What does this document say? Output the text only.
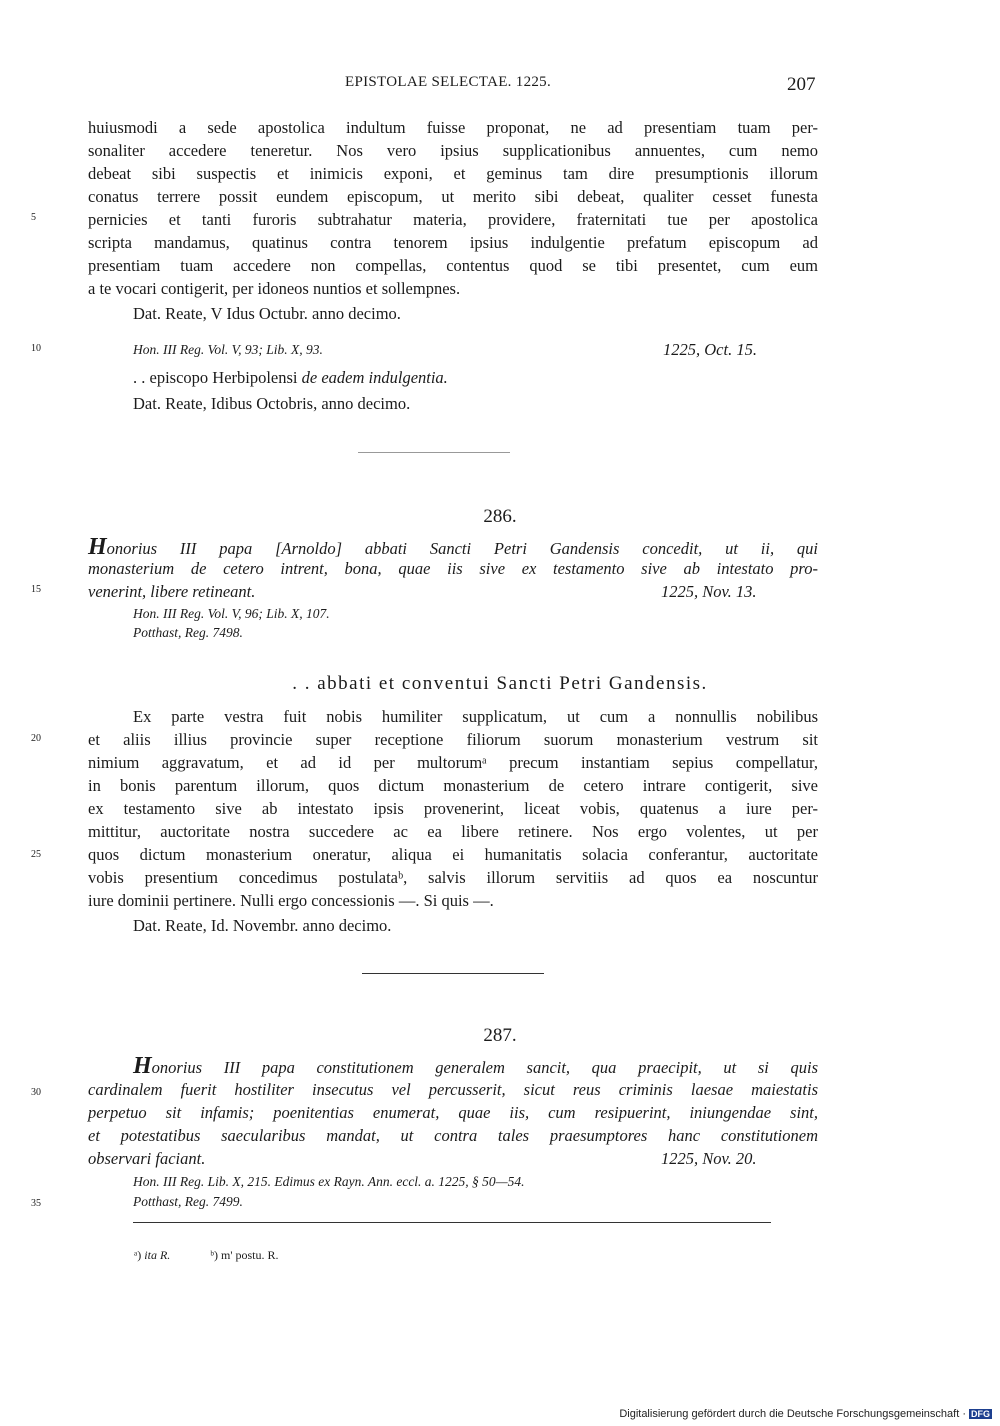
EPISTOLAE SELECTAE. 1225.	207
5
10
15
20
25
30
35
huiusmodi a sede apostolica indultum fuisse proponat, ne ad presentiam tuam per-
sonaliter accedere teneretur. Nos vero ipsius supplicationibus annuentes, cum nemo
debeat sibi suspectis et inimicis exponi, et geminus tam dire presumptionis illorum
conatus terrere possit eundem episcopum, ut merito sibi debeat, qualiter cesset funesta
pernicies et tanti furoris subtrahatur materia, providere, fraternitati tue per apostolica
scripta mandamus, quatinus contra tenorem ipsius indulgentie prefatum episcopum ad
presentiam tuam accedere non compellas, contentus quod se tibi presentet, cum eum
a te vocari contigerit, per idoneos nuntios et sollempnes.
Dat. Reate, V Idus Octubr. anno decimo.
Hon. III Reg. Vol. V, 93; Lib. X, 93.	1225, Oct. 15.
. . episcopo Herbipolensi de eadem indulgentia.
Dat. Reate, Idibus Octobris, anno decimo.
286.
Honorius III papa [Arnoldo] abbati Sancti Petri Gandensis concedit, ut ii, qui
monasterium de cetero intrent, bona, quae iis sive ex testamento sive ab intestato pro-
venerint, libere retineant.	1225, Nov. 13.
Hon. III Reg. Vol. V, 96; Lib. X, 107.
Potthast, Reg. 7498.
. . abbati et conventui Sancti Petri Gandensis.
Ex parte vestra fuit nobis humiliter supplicatum, ut cum a nonnullis nobilibus
et aliis illius provincie super receptione filiorum suorum monasterium vestrum sit
nimium aggravatum, et ad id per multorumᵃ precum instantiam sepius compellatur,
in bonis parentum illorum, quos dictum monasterium de cetero intrare contigerit, sive
ex testamento sive ab intestato ipsis provenerint, liceat vobis, quatenus a iure per-
mittitur, auctoritate nostra succedere ac ea libere retinere. Nos ergo volentes, ut per
quos dictum monasterium oneratur, aliqua ei humanitatis solacia conferantur, auctoritate
vobis presentium concedimus postulataᵇ, salvis illorum servitiis ad quos ea noscuntur
iure dominii pertinere. Nulli ergo concessionis —. Si quis —.
Dat. Reate, Id. Novembr. anno decimo.
287.
Honorius III papa constitutionem generalem sancit, qua praecipit, ut si quis
cardinalem fuerit hostiliter insecutus vel percusserit, sicut reus criminis laesae maiestatis
perpetuo sit infamis; poenitentias enumerat, quae iis, cum resipuerint, iniungendae sint,
et potestatibus saecularibus mandat, ut contra tales praesumptores hanc constitutionem
observari faciant.	1225, Nov. 20.
Hon. III Reg. Lib. X, 215. Edimus ex Rayn. Ann. eccl. a. 1225, § 50—54.
Potthast, Reg. 7499.
ᵃ) ita R.	ᵇ) m' postu. R.
Digitalisierung gefördert durch die Deutsche Forschungsgemeinschaft · DFG
